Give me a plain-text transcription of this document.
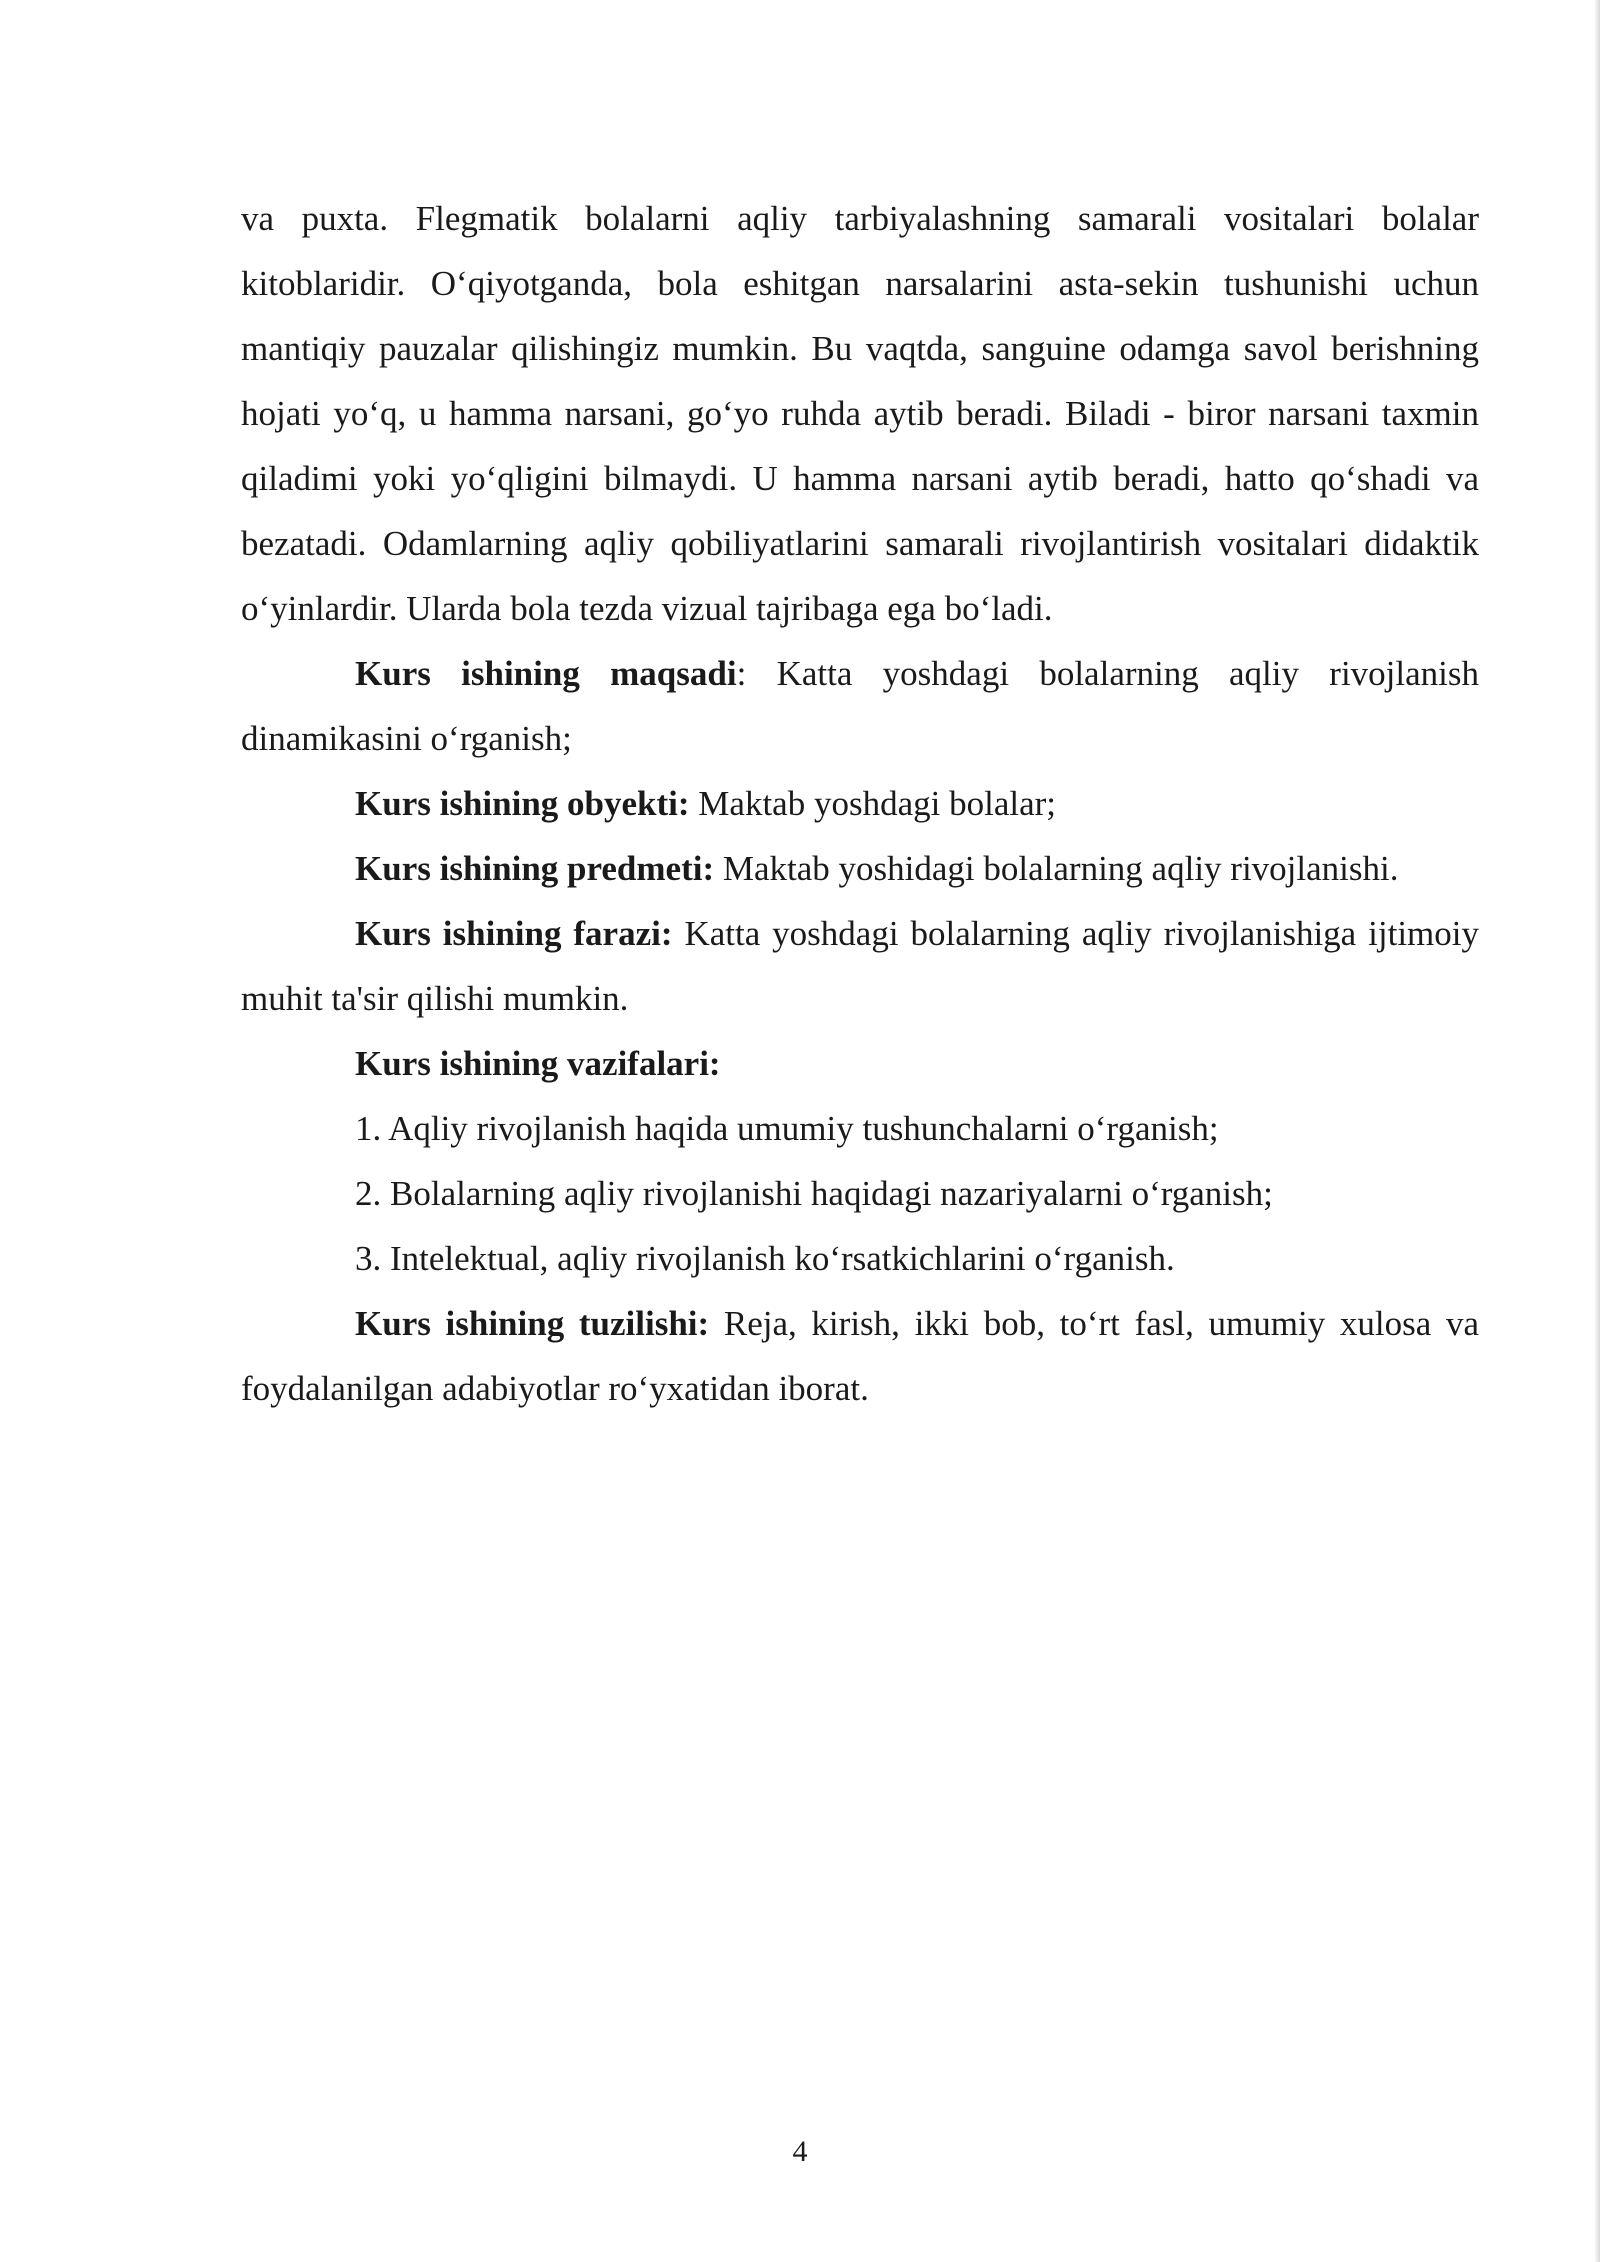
va puxta. Flegmatik bolalarni aqliy tarbiyalashning samarali vositalari bolalar kitoblaridir. O‘qiyotganda, bola eshitgan narsalarini asta-sekin tushunishi uchun mantiqiy pauzalar qilishingiz mumkin. Bu vaqtda, sanguine odamga savol berishning hojati yo‘q, u hamma narsani, go‘yo ruhda aytib beradi. Biladi - biror narsani taxmin qiladimi yoki yo‘qligini bilmaydi. U hamma narsani aytib beradi, hatto qo‘shadi va bezatadi. Odamlarning aqliy qobiliyatlarini samarali rivojlantirish vositalari didaktik o‘yinlardir. Ularda bola tezda vizual tajribaga ega bo‘ladi.

Kurs ishining maqsadi: Katta yoshdagi bolalarning aqliy rivojlanish dinamikasini o‘rganish;

Kurs ishining obyekti: Maktab yoshdagi bolalar;

Kurs ishining predmeti: Maktab yoshidagi bolalarning aqliy rivojlanishi.

Kurs ishining farazi: Katta yoshdagi bolalarning aqliy rivojlanishiga ijtimoiy muhit ta'sir qilishi mumkin.

Kurs ishining vazifalari:

1. Aqliy rivojlanish haqida umumiy tushunchalarni o‘rganish;

2. Bolalarning aqliy rivojlanishi haqidagi nazariyalarni o‘rganish;

3. Intelektual, aqliy rivojlanish ko‘rsatkichlarini o‘rganish.

Kurs ishining tuzilishi: Reja, kirish, ikki bob, to‘rt fasl, umumiy xulosa va foydalanilgan adabiyotlar ro‘yxatidan iborat.

4
